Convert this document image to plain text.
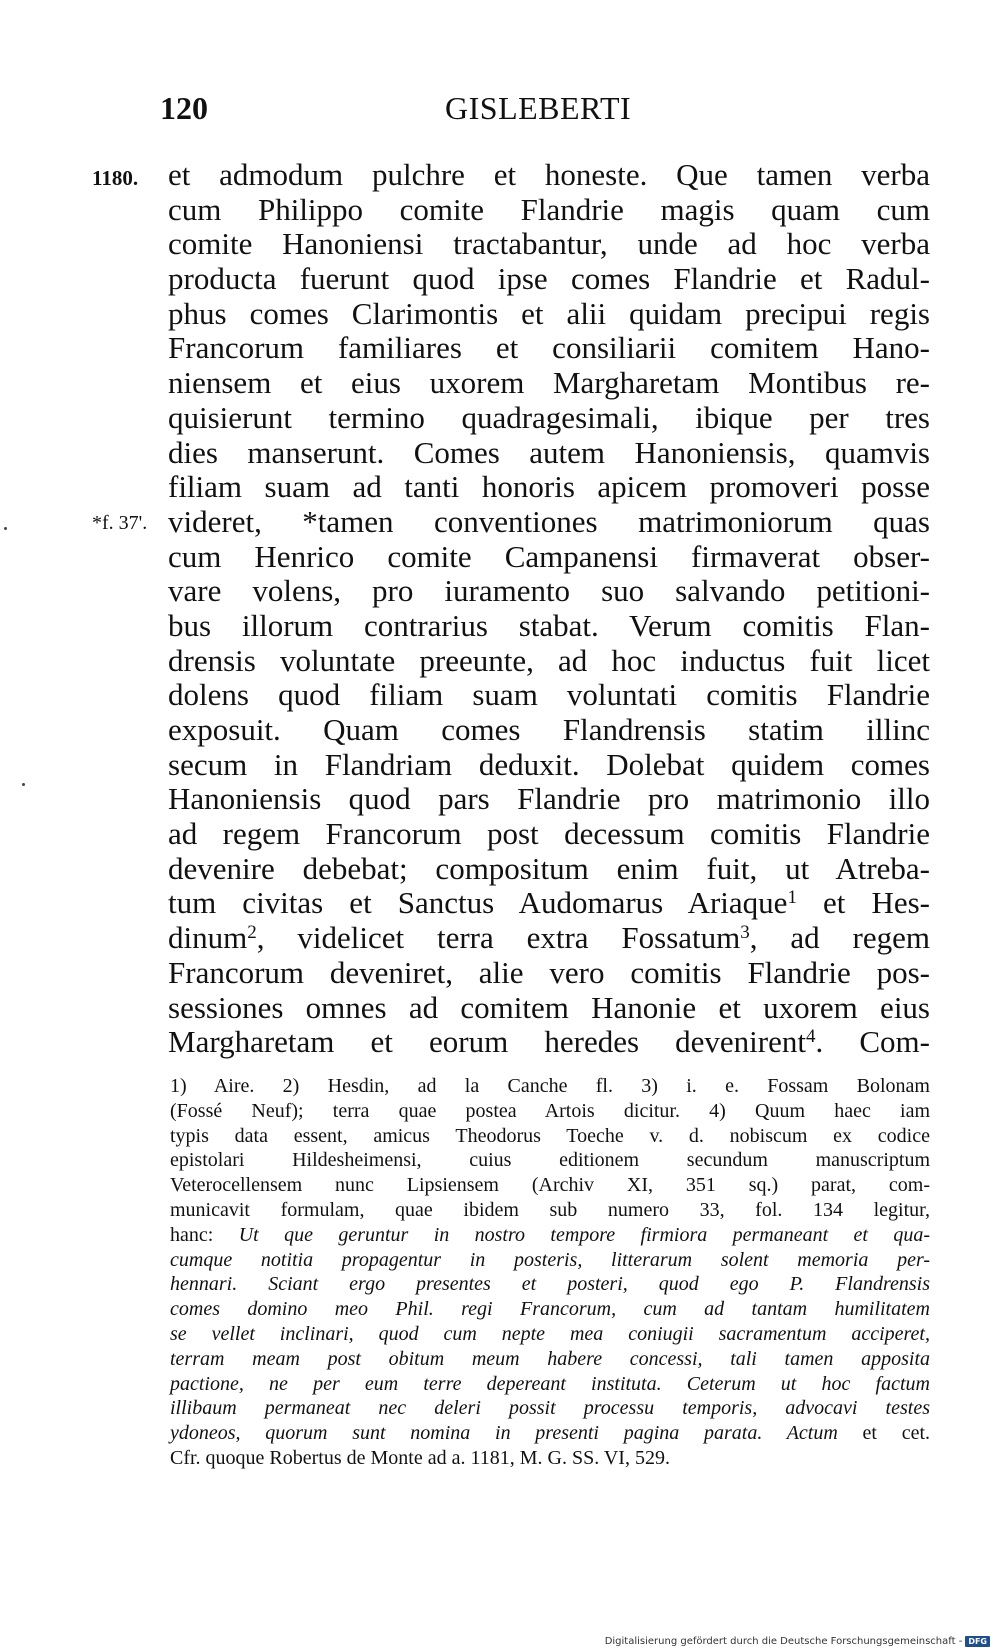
120	GISLEBERTI
1180.
*f. 37'.
et admodum pulchre et honeste. Que tamen verba
cum Philippo comite Flandrie magis quam cum
comite Hanoniensi tractabantur, unde ad hoc verba
producta fuerunt quod ipse comes Flandrie et Radul-
phus comes Clarimontis et alii quidam precipui regis
Francorum familiares et consiliarii comitem Hano-
niensem et eius uxorem Margharetam Montibus re-
quisierunt termino quadragesimali, ibique per tres
dies manserunt. Comes autem Hanoniensis, quamvis
filiam suam ad tanti honoris apicem promoveri posse
videret, *tamen conventiones matrimoniorum quas
cum Henrico comite Campanensi firmaverat obser-
vare volens, pro iuramento suo salvando petitioni-
bus illorum contrarius stabat. Verum comitis Flan-
drensis voluntate preeunte, ad hoc inductus fuit licet
dolens quod filiam suam voluntati comitis Flandrie
exposuit. Quam comes Flandrensis statim illinc
secum in Flandriam deduxit. Dolebat quidem comes
Hanoniensis quod pars Flandrie pro matrimonio illo
ad regem Francorum post decessum comitis Flandrie
devenire debebat; compositum enim fuit, ut Atreba-
tum civitas et Sanctus Audomarus Ariaque$^1$ et Hes-
dinum$^2$, videlicet terra extra Fossatum$^3$, ad regem
Francorum deveniret, alie vero comitis Flandrie pos-
sessiones omnes ad comitem Hanonie et uxorem eius
Margharetam et eorum heredes devenirent$^4$. Com-
1) Aire. 2) Hesdin, ad la Canche fl. 3) i. e. Fossam Bolonam
(Fossé Neuf); terra quae postea Artois dicitur. 4) Quum haec iam
typis data essent, amicus Theodorus Toeche v. d. nobiscum ex codice
epistolari Hildesheimensi, cuius editionem secundum manuscriptum
Veterocellensem nunc Lipsiensem (Archiv XI, 351 sq.) parat, com-
municavit formulam, quae ibidem sub numero 33, fol. 134 legitur,
hanc: Ut que geruntur in nostro tempore firmiora permaneant et qua-
cumque notitia propagentur in posteris, litterarum solent memoria per-
hennari. Sciant ergo presentes et posteri, quod ego P. Flandrensis
comes domino meo Phil. regi Francorum, cum ad tantam humilitatem
se vellet inclinari, quod cum nepte mea coniugii sacramentum acciperet,
terram meam post obitum meum habere concessi, tali tamen apposita
pactione, ne per eum terre depereant instituta. Ceterum ut hoc factum
illibaum permaneat nec deleri possit processu temporis, advocavi testes
ydoneos, quorum sunt nomina in presenti pagina parata. Actum et cet.
Cfr. quoque Robertus de Monte ad a. 1181, M. G. SS. VI, 529.
Digitalisierung gefördert durch die Deutsche Forschungsgemeinschaft - DFG
